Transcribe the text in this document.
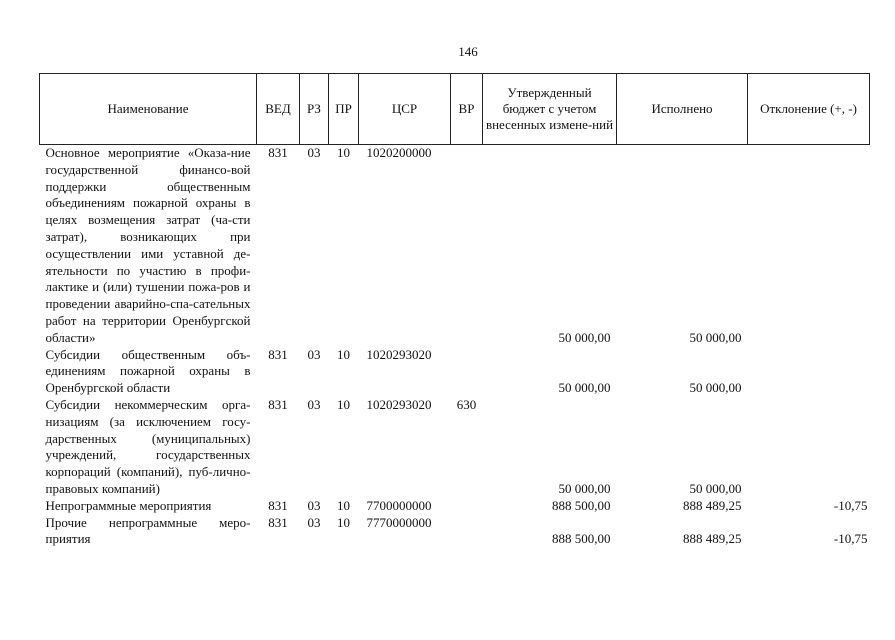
146
Наименование	ВЕД	РЗ	ПР	ЦСР	ВР	Утвержденный бюджет с учетом внесенных измене-ний	Исполнено	Отклонение (+, -)
Основное мероприятие «Оказа-ние государственной финансо-вой поддержки общественным объединениям пожарной охраны в целях возмещения затрат (ча-сти затрат), возникающих при осуществлении ими уставной де-ятельности по участию в профи-лактике и (или) тушении пожа-ров и проведении аварийно-спа-сательных работ на территории Оренбургской области»	831	03	10	1020200000		50 000,00	50 000,00	
Субсидии общественным объ-единениям пожарной охраны в Оренбургской области	831	03	10	1020293020		50 000,00	50 000,00	
Субсидии некоммерческим орга-низациям (за исключением госу-дарственных (муниципальных) учреждений, государственных корпораций (компаний), пуб-лично-правовых компаний)	831	03	10	1020293020	630	50 000,00	50 000,00	
Непрограммные мероприятия	831	03	10	7700000000		888 500,00	888 489,25	-10,75
Прочие непрограммные меро-приятия	831	03	10	7770000000		888 500,00	888 489,25	-10,75
